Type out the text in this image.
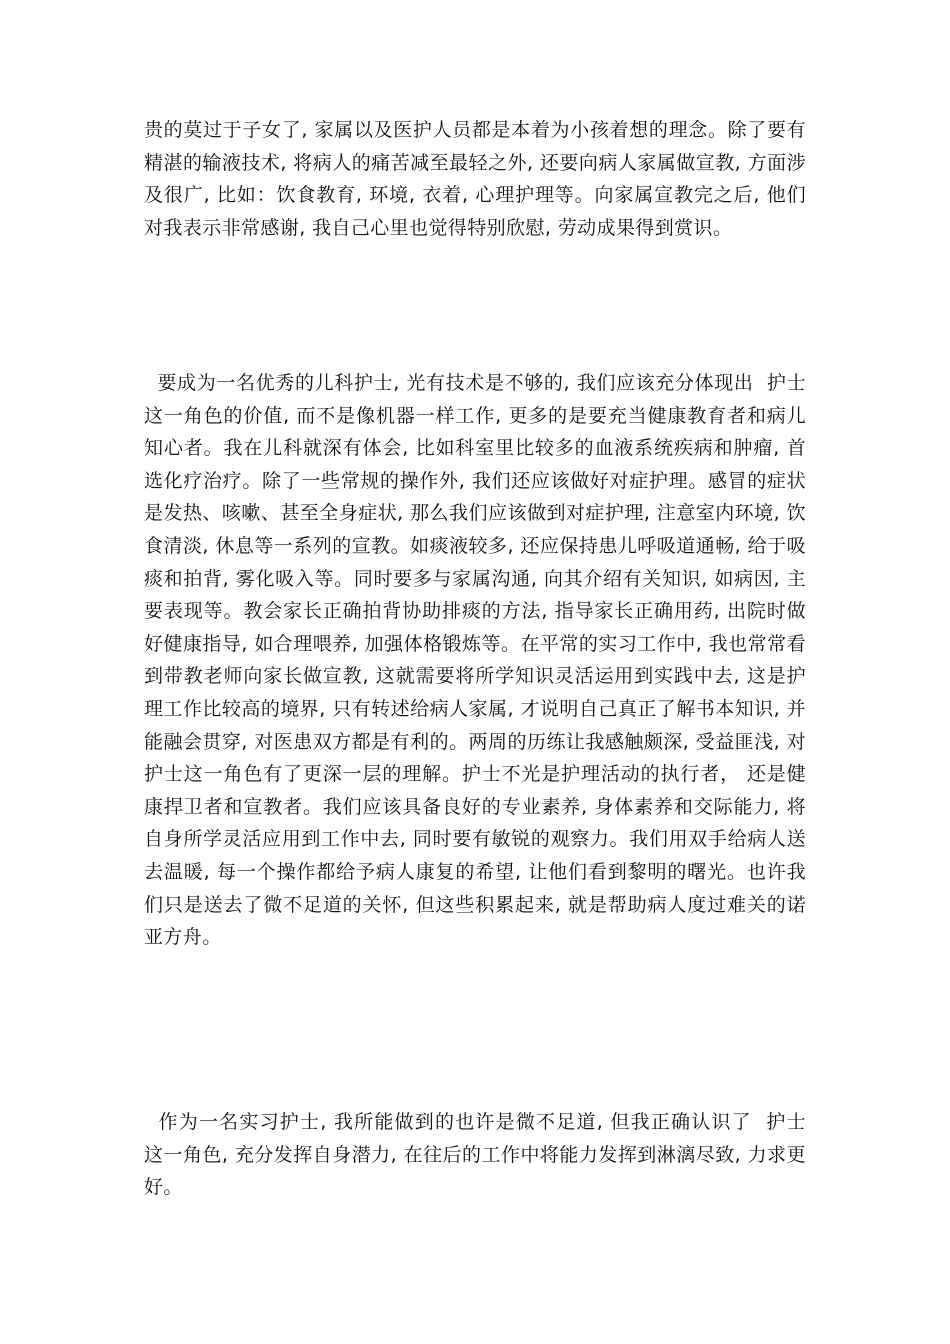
贵的莫过于子女了, 家属以及医护人员都是本着为小孩着想的理念。除了要有精湛的输液技术, 将病人的痛苦减至最轻之外, 还要向病人家属做宣教, 方面涉及很广, 比如：饮食教育, 环境, 衣着, 心理护理等。向家属宣教完之后, 他们对我表示非常感谢, 我自己心里也觉得特别欣慰, 劳动成果得到赏识。

要成为一名优秀的儿科护士, 光有技术是不够的, 我们应该充分体现出  护士  这一角色的价值, 而不是像机器一样工作, 更多的是要充当健康教育者和病儿知心者。我在儿科就深有体会, 比如科室里比较多的血液系统疾病和肿瘤, 首选化疗治疗。除了一些常规的操作外, 我们还应该做好对症护理。感冒的症状是发热、咳嗽、甚至全身症状, 那么我们应该做到对症护理, 注意室内环境, 饮食清淡, 休息等一系列的宣教。如痰液较多, 还应保持患儿呼吸道通畅, 给于吸痰和拍背, 雾化吸入等。同时要多与家属沟通, 向其介绍有关知识, 如病因, 主要表现等。教会家长正确拍背协助排痰的方法, 指导家长正确用药, 出院时做好健康指导, 如合理喂养, 加强体格锻炼等。在平常的实习工作中, 我也常常看到带教老师向家长做宣教, 这就需要将所学知识灵活运用到实践中去, 这是护理工作比较高的境界, 只有转述给病人家属, 才说明自己真正了解书本知识, 并能融会贯穿, 对医患双方都是有利的。两周的历练让我感触颇深, 受益匪浅, 对护士这一角色有了更深一层的理解。护士不光是护理活动的执行者， 还是健康捍卫者和宣教者。我们应该具备良好的专业素养, 身体素养和交际能力, 将自身所学灵活应用到工作中去, 同时要有敏锐的观察力。我们用双手给病人送去温暖, 每一个操作都给予病人康复的希望, 让他们看到黎明的曙光。也许我们只是送去了微不足道的关怀, 但这些积累起来, 就是帮助病人度过难关的诺亚方舟。

作为一名实习护士, 我所能做到的也许是微不足道, 但我正确认识了  护士  这一角色, 充分发挥自身潜力, 在往后的工作中将能力发挥到淋漓尽致, 力求更好。
